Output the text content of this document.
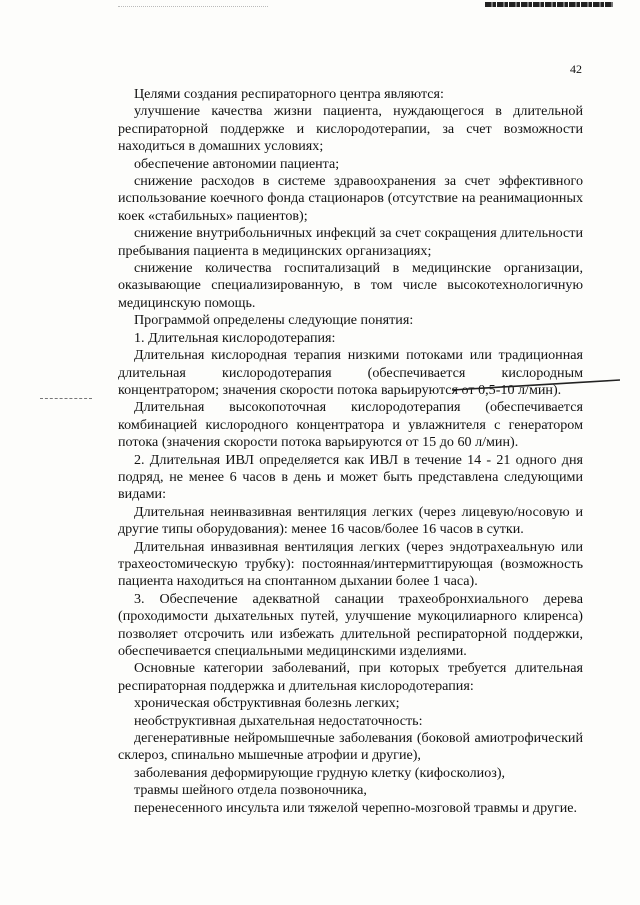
42

Целями создания респираторного центра являются:

улучшение качества жизни пациента, нуждающегося в длительной респираторной поддержке и кислородотерапии, за счет возможности находиться в домашних условиях;

обеспечение автономии пациента;

снижение расходов в системе здравоохранения за счет эффективного использование коечного фонда стационаров (отсутствие на реанимационных коек «стабильных» пациентов);

снижение внутрибольничных инфекций за счет сокращения длительности пребывания пациента в медицинских организациях;

снижение количества госпитализаций в медицинские организации, оказывающие специализированную, в том числе высокотехнологичную медицинскую помощь.

Программой определены следующие понятия:

1. Длительная кислородотерапия:

Длительная кислородная терапия низкими потоками или традиционная длительная кислородотерапия (обеспечивается кислородным концентратором; значения скорости потока варьируются от 0,5-10 л/мин).

Длительная высокопоточная кислородотерапия (обеспечивается комбинацией кислородного концентратора и увлажнителя с генератором потока (значения скорости потока варьируются от 15 до 60 л/мин).

2. Длительная ИВЛ определяется как ИВЛ в течение 14 - 21 одного дня подряд, не менее 6 часов в день и может быть представлена следующими видами:

Длительная неинвазивная вентиляция легких (через лицевую/носовую и другие типы оборудования): менее 16 часов/более 16 часов в сутки.

Длительная инвазивная вентиляция легких (через эндотрахеальную или трахеостомическую трубку): постоянная/интермиттирующая (возможность пациента находиться на спонтанном дыхании более 1 часа).

3. Обеспечение адекватной санации трахеобронхиального дерева (проходимости дыхательных путей, улучшение мукоцилиарного клиренса) позволяет отсрочить или избежать длительной респираторной поддержки, обеспечивается специальными медицинскими изделиями.

Основные категории заболеваний, при которых требуется длительная респираторная поддержка и длительная кислородотерапия:

хроническая обструктивная болезнь легких;

необструктивная дыхательная недостаточность:

дегенеративные нейромышечные заболевания (боковой амиотрофический склероз, спинально мышечные атрофии и другие),

заболевания деформирующие грудную клетку (кифосколиоз),

травмы шейного отдела позвоночника,

перенесенного инсульта или тяжелой черепно-мозговой травмы и другие.
